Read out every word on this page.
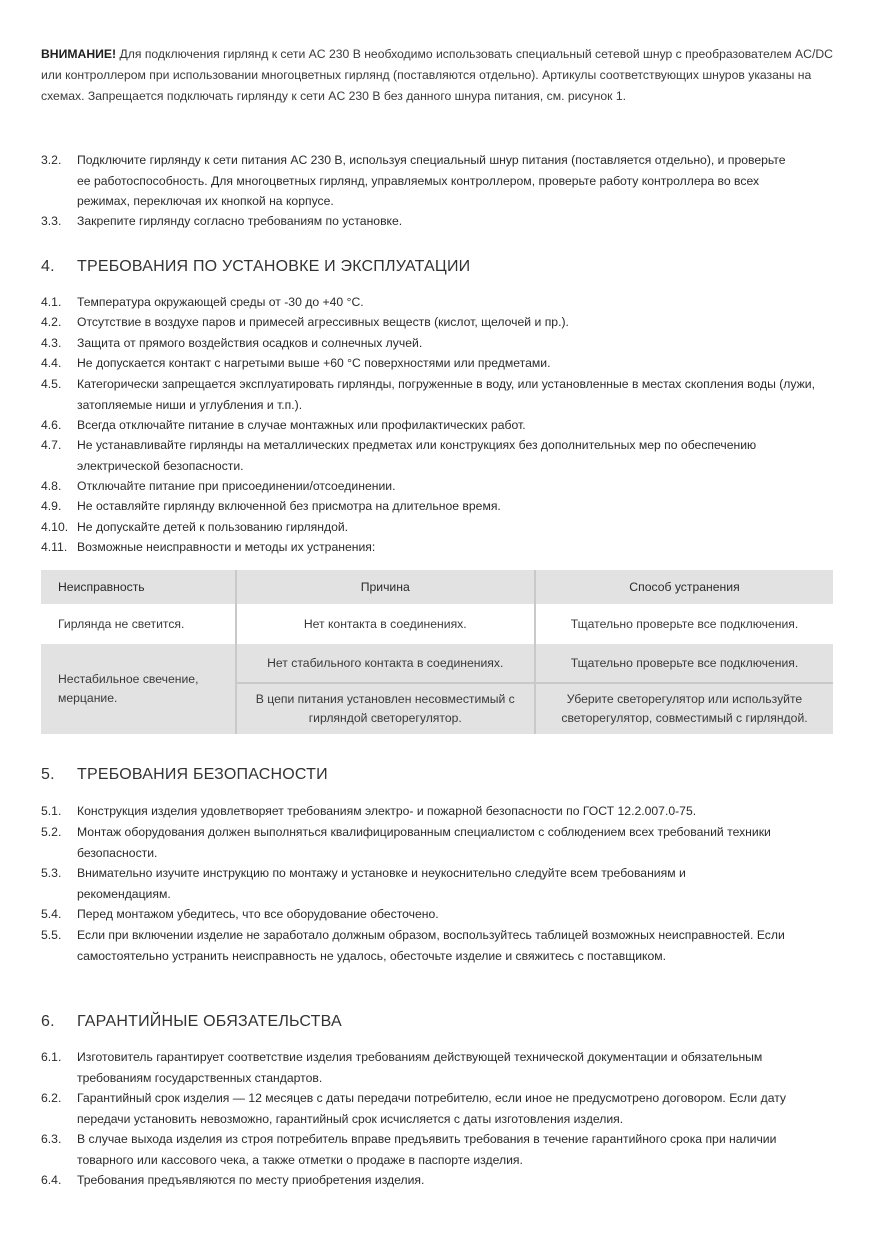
ВНИМАНИЕ! Для подключения гирлянд к сети AC 230 В необходимо использовать специальный сетевой шнур с преобразователем AC/DC или контроллером при использовании многоцветных гирлянд (поставляются отдельно). Артикулы соответствующих шнуров указаны на схемах. Запрещается подключать гирлянду к сети AC 230 В без данного шнура питания, см. рисунок 1.
3.2. Подключите гирлянду к сети питания AC 230 В, используя специальный шнур питания (поставляется отдельно), и проверьте ее работоспособность. Для многоцветных гирлянд, управляемых контроллером, проверьте работу контроллера во всех режимах, переключая их кнопкой на корпусе.
3.3. Закрепите гирлянду согласно требованиям по установке.
4. ТРЕБОВАНИЯ ПО УСТАНОВКЕ И ЭКСПЛУАТАЦИИ
4.1. Температура окружающей среды от -30 до +40 °C.
4.2. Отсутствие в воздухе паров и примесей агрессивных веществ (кислот, щелочей и пр.).
4.3. Защита от прямого воздействия осадков и солнечных лучей.
4.4. Не допускается контакт с нагретыми выше +60 °C поверхностями или предметами.
4.5. Категорически запрещается эксплуатировать гирлянды, погруженные в воду, или установленные в местах скопления воды (лужи, затопляемые ниши и углубления и т.п.).
4.6. Всегда отключайте питание в случае монтажных или профилактических работ.
4.7. Не устанавливайте гирлянды на металлических предметах или конструкциях без дополнительных мер по обеспечению электрической безопасности.
4.8. Отключайте питание при присоединении/отсоединении.
4.9. Не оставляйте гирлянду включенной без присмотра на длительное время.
4.10. Не допускайте детей к пользованию гирляндой.
4.11. Возможные неисправности и методы их устранения:
Неисправность	Причина	Способ устранения
Гирлянда не светится.	Нет контакта в соединениях.	Тщательно проверьте все подключения.
Нестабильное свечение, мерцание.	Нет стабильного контакта в соединениях.	Тщательно проверьте все подключения.
	В цепи питания установлен несовместимый с гирляндой светорегулятор.	Уберите светорегулятор или используйте светорегулятор, совместимый с гирляндой.
5. ТРЕБОВАНИЯ БЕЗОПАСНОСТИ
5.1. Конструкция изделия удовлетворяет требованиям электро- и пожарной безопасности по ГОСТ 12.2.007.0-75.
5.2. Монтаж оборудования должен выполняться квалифицированным специалистом с соблюдением всех требований техники безопасности.
5.3. Внимательно изучите инструкцию по монтажу и установке и неукоснительно следуйте всем требованиям и рекомендациям.
5.4. Перед монтажом убедитесь, что все оборудование обесточено.
5.5. Если при включении изделие не заработало должным образом, воспользуйтесь таблицей возможных неисправностей. Если самостоятельно устранить неисправность не удалось, обесточьте изделие и свяжитесь с поставщиком.
6. ГАРАНТИЙНЫЕ ОБЯЗАТЕЛЬСТВА
6.1. Изготовитель гарантирует соответствие изделия требованиям действующей технической документации и обязательным требованиям государственных стандартов.
6.2. Гарантийный срок изделия — 12 месяцев с даты передачи потребителю, если иное не предусмотрено договором. Если дату передачи установить невозможно, гарантийный срок исчисляется с даты изготовления изделия.
6.3. В случае выхода изделия из строя потребитель вправе предъявить требования в течение гарантийного срока при наличии товарного или кассового чека, а также отметки о продаже в паспорте изделия.
6.4. Требования предъявляются по месту приобретения изделия.
